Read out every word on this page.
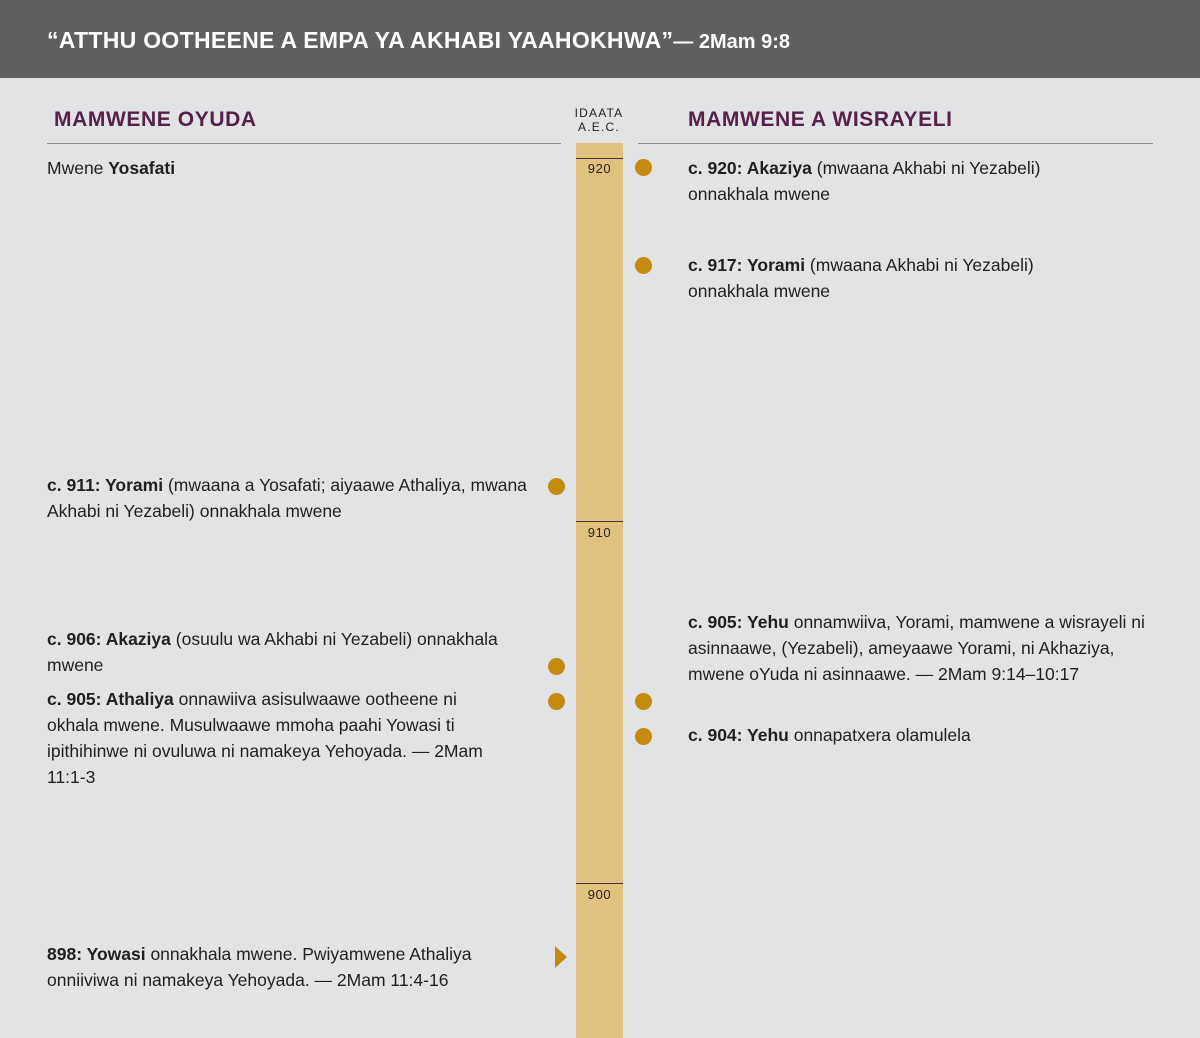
“ATTHU OOTHEENE A EMPA YA AKHABI YAAHOKHWA”— 2Mam 9:8
MAMWENE OYUDA	MAMWENE A WISRAYELI
IDAATA
A.E.C.
920
910
900
Mwene Yosafati
c. 911: Yorami (mwaana a Yosafati; aiyaawe Athaliya, mwana Akhabi ni Yezabeli) onnakhala mwene
c. 906: Akaziya (osuulu wa Akhabi ni Yezabeli) onnakhala mwene
c. 905: Athaliya onnawiiva asisulwaawe ootheene ni okhala mwene. Musulwaawe mmoha paahi Yowasi ti ipithihinwe ni ovuluwa ni namakeya Yehoyada. — 2Mam 11:1-3
898: Yowasi onnakhala mwene. Pwiyamwene Athaliya onniiviwa ni namakeya Yehoyada. — 2Mam 11:4-16
c. 920: Akaziya (mwaana Akhabi ni Yezabeli) onnakhala mwene
c. 917: Yorami (mwaana Akhabi ni Yezabeli) onnakhala mwene
c. 905: Yehu onnamwiiva, Yorami, mamwene a wisrayeli ni asinnaawe, (Yezabeli), ameyaawe Yorami, ni Akhaziya, mwene oYuda ni asinnaawe. — 2Mam 9:14–10:17
c. 904: Yehu onnapatxera olamulela
